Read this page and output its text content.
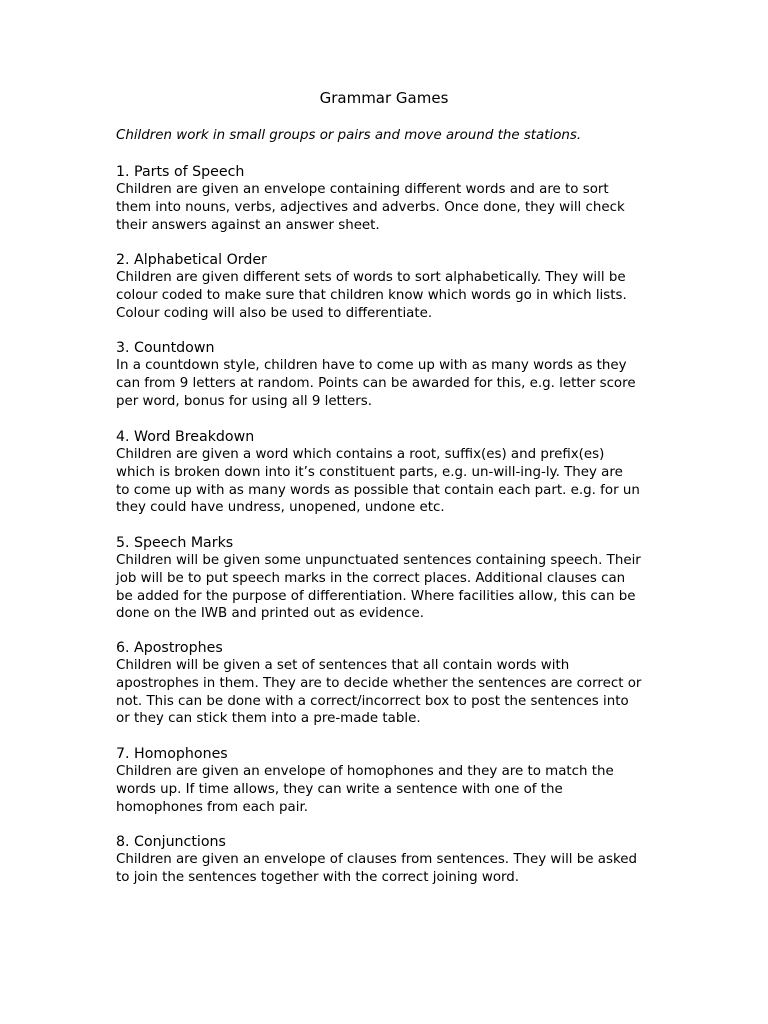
Grammar Games

Children work in small groups or pairs and move around the stations.

1. Parts of Speech

Children are given an envelope containing different words and are to sort

them into nouns, verbs, adjectives and adverbs. Once done, they will check

their answers against an answer sheet.

2. Alphabetical Order

Children are given different sets of words to sort alphabetically. They will be

colour coded to make sure that children know which words go in which lists.

Colour coding will also be used to differentiate.

3. Countdown

In a countdown style, children have to come up with as many words as they

can from 9 letters at random. Points can be awarded for this, e.g. letter score

per word, bonus for using all 9 letters.

4. Word Breakdown

Children are given a word which contains a root, suffix(es) and prefix(es)

which is broken down into it’s constituent parts, e.g. un-will-ing-ly. They are

to come up with as many words as possible that contain each part. e.g. for un

they could have undress, unopened, undone etc.

5. Speech Marks

Children will be given some unpunctuated sentences containing speech. Their

job will be to put speech marks in the correct places. Additional clauses can

be added for the purpose of differentiation. Where facilities allow, this can be

done on the IWB and printed out as evidence.

6. Apostrophes

Children will be given a set of sentences that all contain words with

apostrophes in them. They are to decide whether the sentences are correct or

not. This can be done with a correct/incorrect box to post the sentences into

or they can stick them into a pre-made table.

7. Homophones

Children are given an envelope of homophones and they are to match the

words up. If time allows, they can write a sentence with one of the

homophones from each pair.

8. Conjunctions

Children are given an envelope of clauses from sentences. They will be asked

to join the sentences together with the correct joining word.
